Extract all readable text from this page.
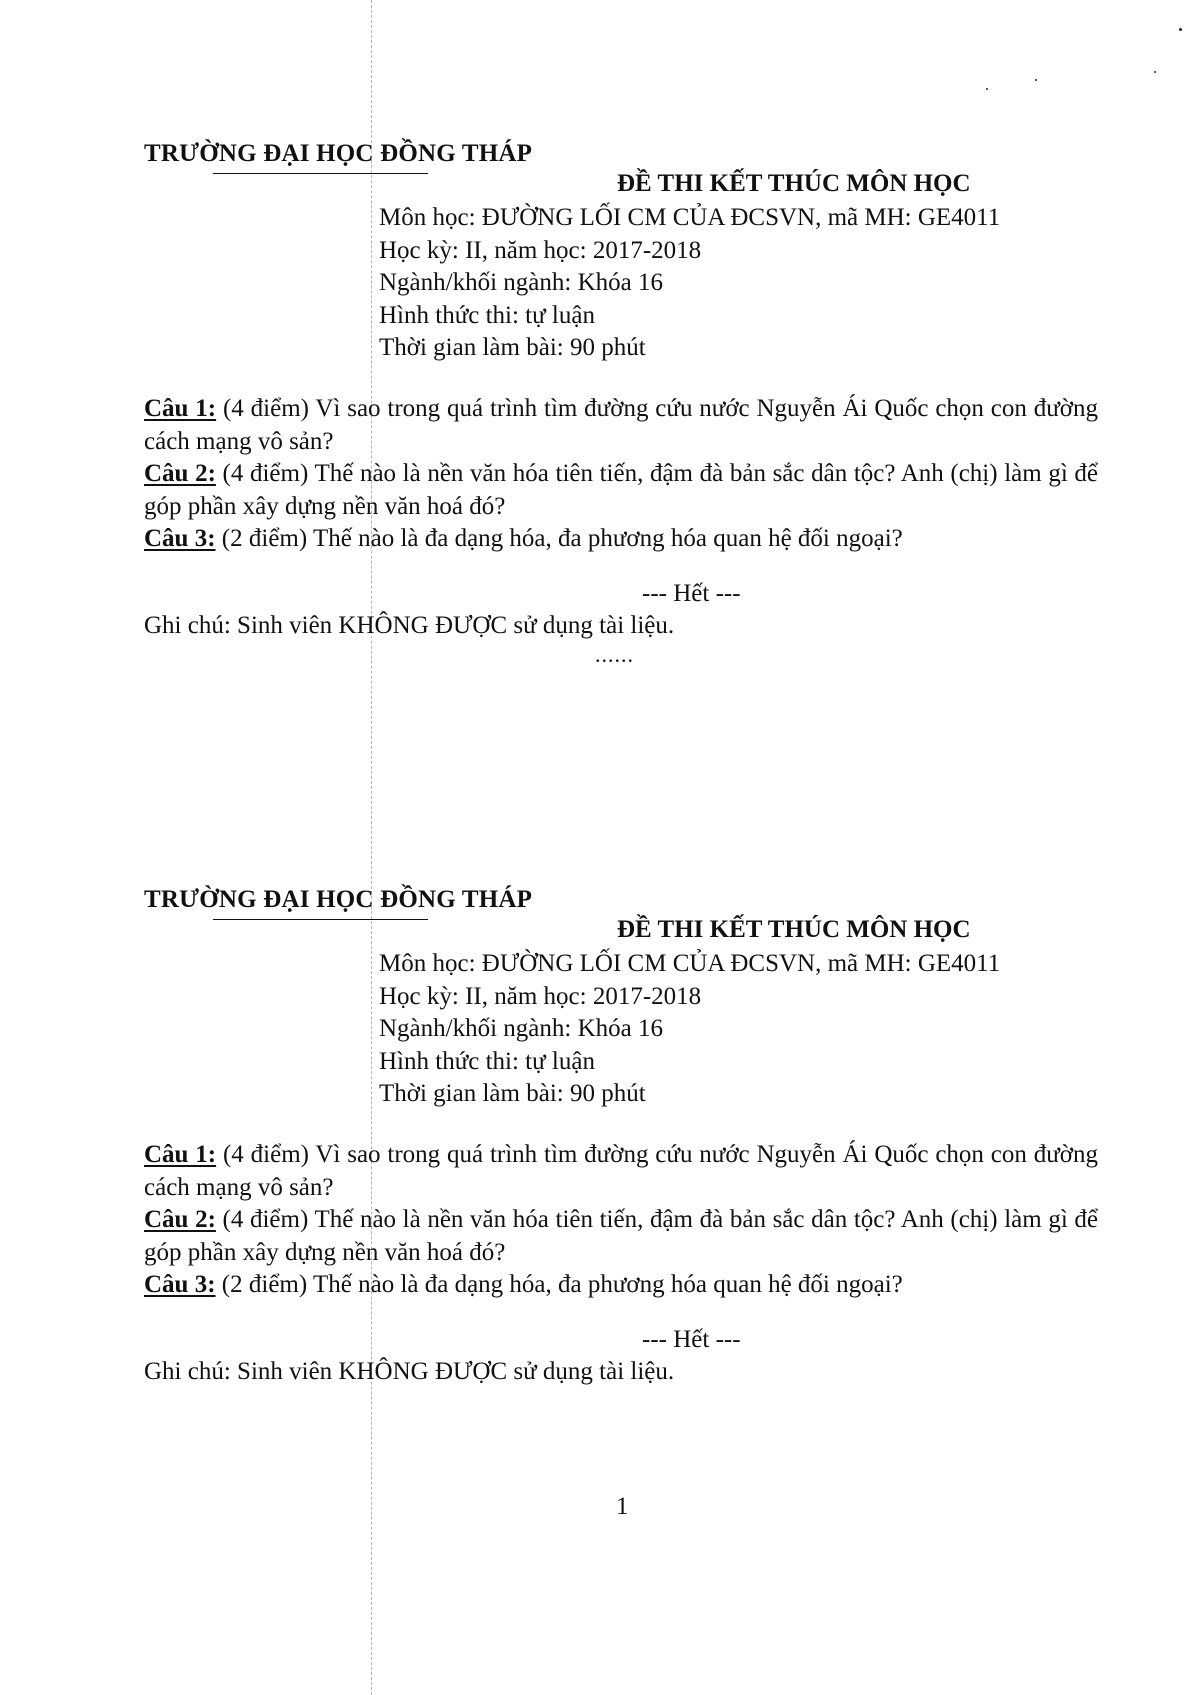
TRƯỜNG ĐẠI HỌC ĐỒNG THÁP
ĐỀ THI KẾT THÚC MÔN HỌC
Môn học: ĐƯỜNG LỐI CM CỦA ĐCSVN, mã MH: GE4011
Học kỳ: II, năm học: 2017-2018
Ngành/khối ngành: Khóa 16
Hình thức thi: tự luận
Thời gian làm bài: 90 phút

Câu 1: (4 điểm) Vì sao trong quá trình tìm đường cứu nước Nguyễn Ái Quốc chọn con đường cách mạng vô sản?

Câu 2: (4 điểm) Thế nào là nền văn hóa tiên tiến, đậm đà bản sắc dân tộc? Anh (chị) làm gì để góp phần xây dựng nền văn hoá đó?

Câu 3: (2 điểm) Thế nào là đa dạng hóa, đa phương hóa quan hệ đối ngoại?

--- Hết ---
Ghi chú: Sinh viên KHÔNG ĐƯỢC sử dụng tài liệu.
......
TRƯỜNG ĐẠI HỌC ĐỒNG THÁP
ĐỀ THI KẾT THÚC MÔN HỌC
Môn học: ĐƯỜNG LỐI CM CỦA ĐCSVN, mã MH: GE4011
Học kỳ: II, năm học: 2017-2018
Ngành/khối ngành: Khóa 16
Hình thức thi: tự luận
Thời gian làm bài: 90 phút

Câu 1: (4 điểm) Vì sao trong quá trình tìm đường cứu nước Nguyễn Ái Quốc chọn con đường cách mạng vô sản?

Câu 2: (4 điểm) Thế nào là nền văn hóa tiên tiến, đậm đà bản sắc dân tộc? Anh (chị) làm gì để góp phần xây dựng nền văn hoá đó?

Câu 3: (2 điểm) Thế nào là đa dạng hóa, đa phương hóa quan hệ đối ngoại?

--- Hết ---
Ghi chú: Sinh viên KHÔNG ĐƯỢC sử dụng tài liệu.
1
